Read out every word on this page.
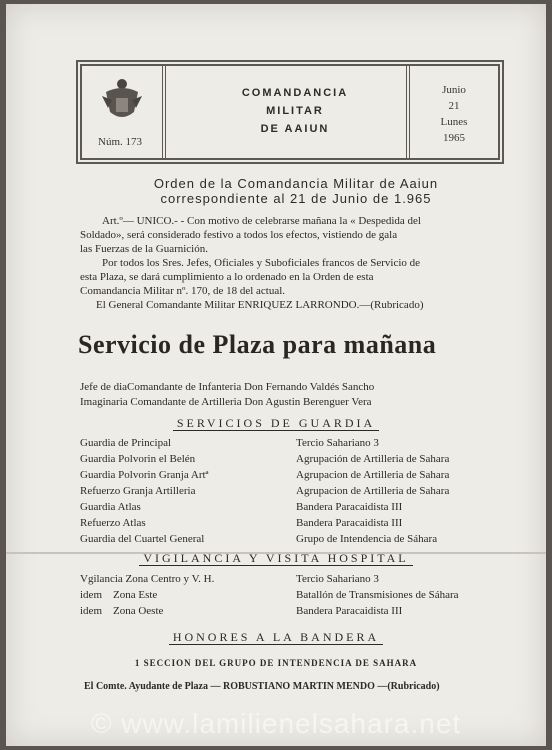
Núm. 173
COMANDANCIA
MILITAR
DE AAIUN
Junio
21
Lunes
1965
Orden de la Comandancia Militar de Aaiun
correspondiente al 21 de Junio de 1.965
Art.º— UNICO.- - Con motivo de celebrarse mañana la « Despedida del
Soldado», será considerado festivo a todos los efectos, vistiendo de gala
las Fuerzas de la Guarnición.
Por todos los Sres. Jefes, Oficiales y Suboficiales francos de Servicio de
esta Plaza, se dará cumplimiento a lo ordenado en la Orden de esta
Comandancia Militar nº. 170, de 18 del actual.
El General Comandante Militar ENRIQUEZ LARRONDO.—(Rubricado)
Servicio de Plaza para mañana
Jefe de diaComandante de Infanteria Don Fernando Valdés Sancho
Imaginaria Comandante de Artilleria Don Agustin Berenguer Vera
SERVICIOS DE GUARDIA
Guardia de Principal	Tercio Sahariano 3
Guardia Polvorin el Belén	Agrupación de Artilleria de Sahara
Guardia Polvorin Granja Artª	Agrupacion de Artilleria de Sahara
Refuerzo Granja Artilleria	Agrupacion de Artilleria de Sahara
Guardia Atlas	Bandera Paracaidista III
Refuerzo Atlas	Bandera Paracaidista III
Guardia del Cuartel General	Grupo de Intendencia de Sáhara
VIGILANCIA Y VISITA HOSPITAL
Vgilancia Zona Centro y V. H.	Tercio Sahariano 3
idem    Zona Este	Batallón de Transmisiones de Sáhara
idem    Zona Oeste	Bandera Paracaidista III
HONORES A LA BANDERA
1 SECCION DEL GRUPO DE INTENDENCIA DE SAHARA
El Comte. Ayudante de Plaza — ROBUSTIANO MARTIN MENDO —(Rubricado)
© www.lamilienelsahara.net
